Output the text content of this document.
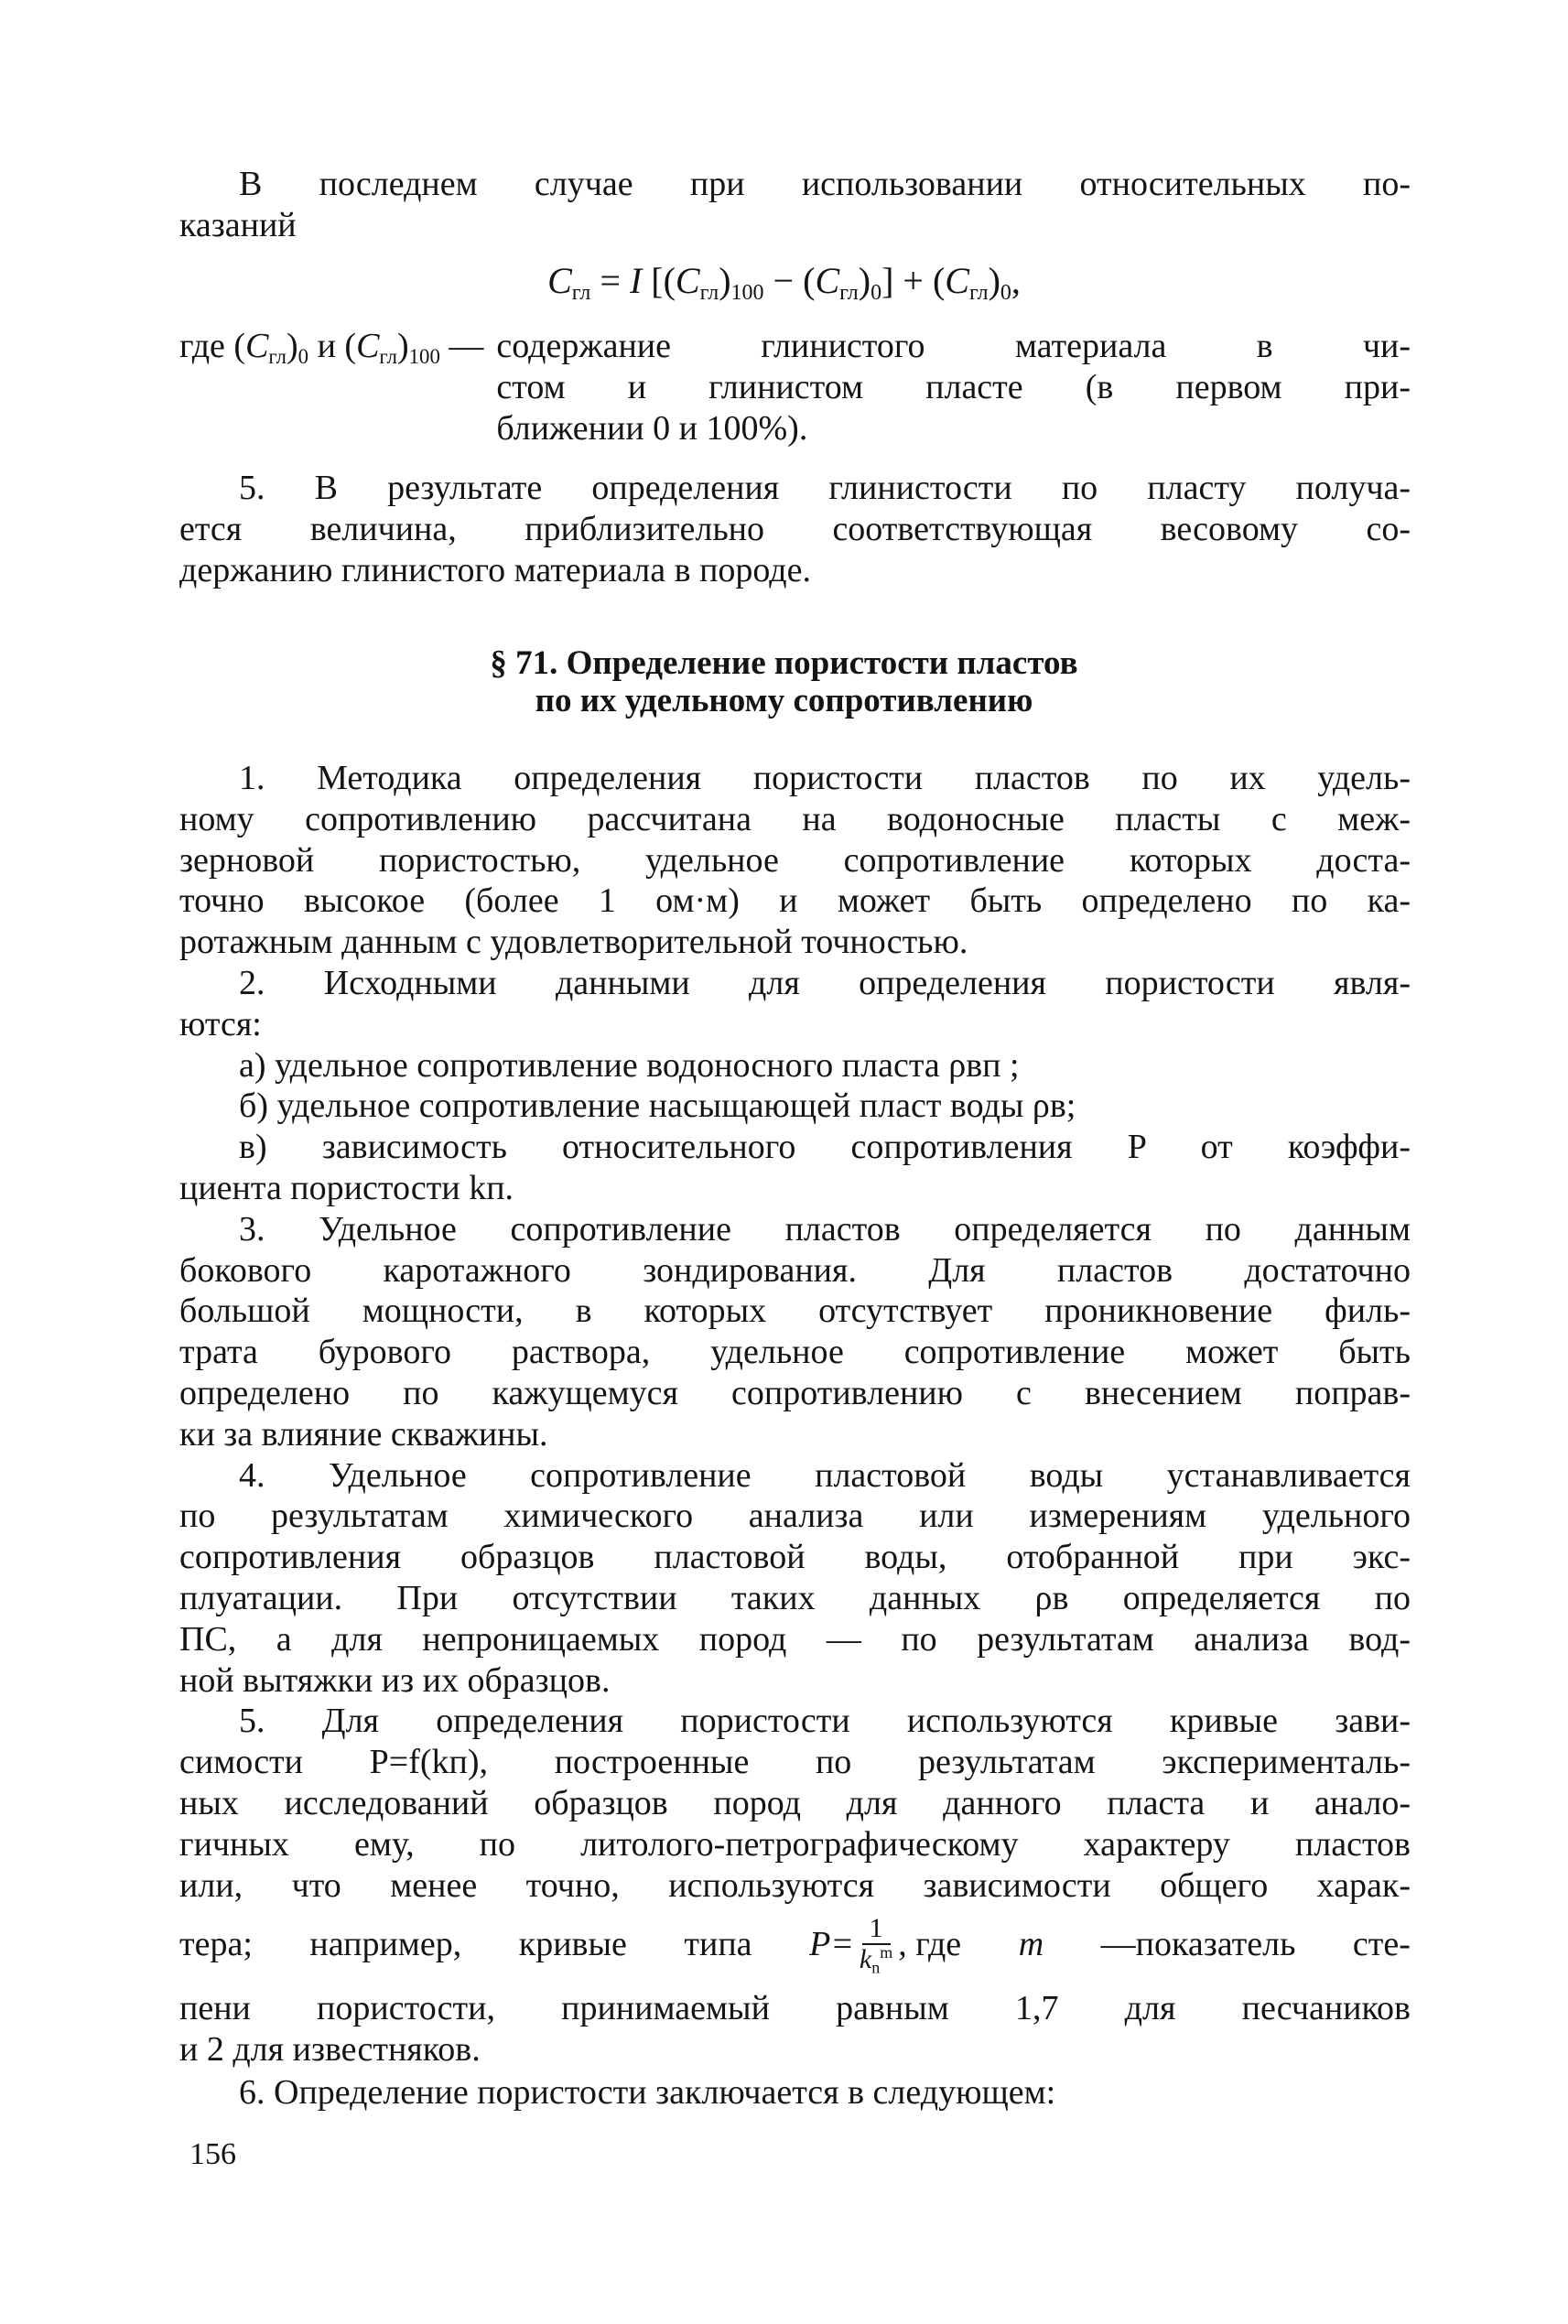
В последнем случае при использовании относительных по-
казаний
$C_{гл} = I$ $[(C_{гл})_{100} - (C_{гл})_0] + (C_{гл})_0$,
где $(C_{гл})_0$ и $(C_{гл})_{100}$ — содержание глинистого материала в чи-
стом и глинистом пласте (в первом при-
ближении 0 и 100%).
5. В результате определения глинистости по пласту получа-
ется величина, приблизительно соответствующая весовому со-
держанию глинистого материала в породе.
§ 71. Определение пористости пластов
по их удельному сопротивлению
1. Методика определения пористости пластов по их удель-
ному сопротивлению рассчитана на водоносные пласты с меж-
зерновой пористостью, удельное сопротивление которых доста-
точно высокое (более 1 ом·м) и может быть определено по ка-
ротажным данным с удовлетворительной точностью.
2. Исходными данными для определения пористости явля-
ются:
а) удельное сопротивление водоносного пласта ρвп ;
б) удельное сопротивление насыщающей пласт воды ρв;
в) зависимость относительного сопротивления P от коэффи-
циента пористости kп.
3. Удельное сопротивление пластов определяется по данным
бокового каротажного зондирования. Для пластов достаточно
большой мощности, в которых отсутствует проникновение филь-
трата бурового раствора, удельное сопротивление может быть
определено по кажущемуся сопротивлению с внесением поправ-
ки за влияние скважины.
4. Удельное сопротивление пластовой воды устанавливается
по результатам химического анализа или измерениям удельного
сопротивления образцов пластовой воды, отобранной при экс-
плуатации. При отсутствии таких данных ρв определяется по
ПС, а для непроницаемых пород — по результатам анализа вод-
ной вытяжки из их образцов.
5. Для определения пористости используются кривые зави-
симости P=f(kп), построенные по результатам эксперименталь-
ных исследований образцов пород для данного пласта и анало-
гичных ему, по литолого-петрографическому характеру пластов
или, что менее точно, используются зависимости общего харак-
тера; например, кривые типа $P= \frac{1}{k_n^m}$ , где m —показатель сте-
пени пористости, принимаемый равным 1,7 для песчаников
и 2 для известняков.
6. Определение пористости заключается в следующем:
156
